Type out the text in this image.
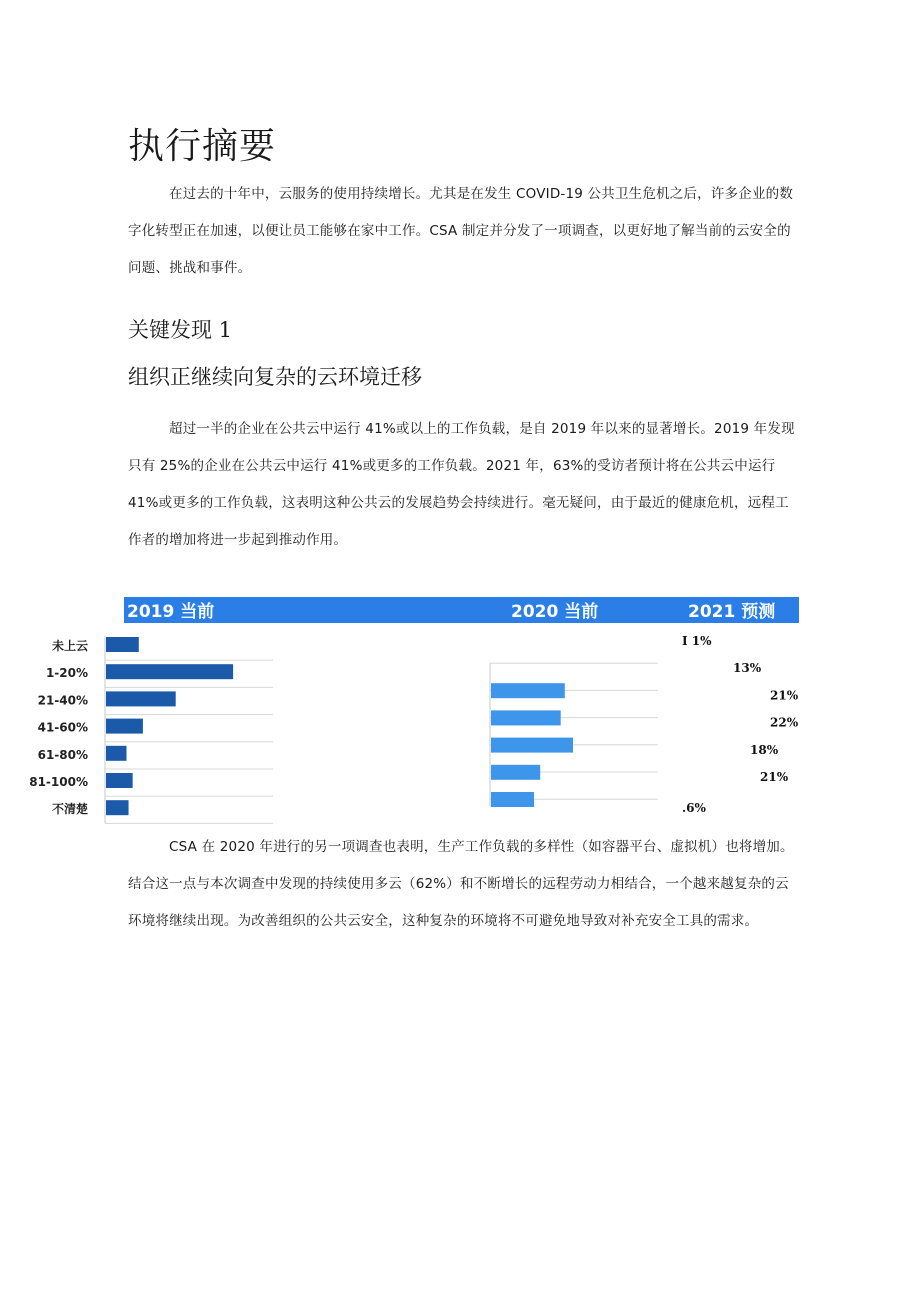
执行摘要

在过去的十年中，云服务的使用持续增长。尤其是在发生 COVID-19 公共卫生危机之后，许多企业的数字化转型正在加速，以便让员工能够在家中工作。CSA 制定并分发了一项调查，以更好地了解当前的云安全的问题、挑战和事件。

关键发现 1
组织正继续向复杂的云环境迁移

超过一半的企业在公共云中运行 41%或以上的工作负载，是自 2019 年以来的显著增长。2019 年发现只有 25%的企业在公共云中运行 41%或更多的工作负载。2021 年，63%的受访者预计将在公共云中运行 41%或更多的工作负载，这表明这种公共云的发展趋势会持续进行。毫无疑问，由于最近的健康危机，远程工作者的增加将进一步起到推动作用。

2019 当前	2020 当前	2021 预测
未上云
1-20%
21-40%
41-60%
61-80%
81-100%
不清楚
I 1%
13%
21%
22%
18%
21%
.6%

CSA 在 2020 年进行的另一项调查也表明，生产工作负载的多样性（如容器平台、虚拟机）也将增加。结合这一点与本次调查中发现的持续使用多云（62%）和不断增长的远程劳动力相结合，一个越来越复杂的云环境将继续出现。为改善组织的公共云安全，这种复杂的环境将不可避免地导致对补充安全工具的需求。
